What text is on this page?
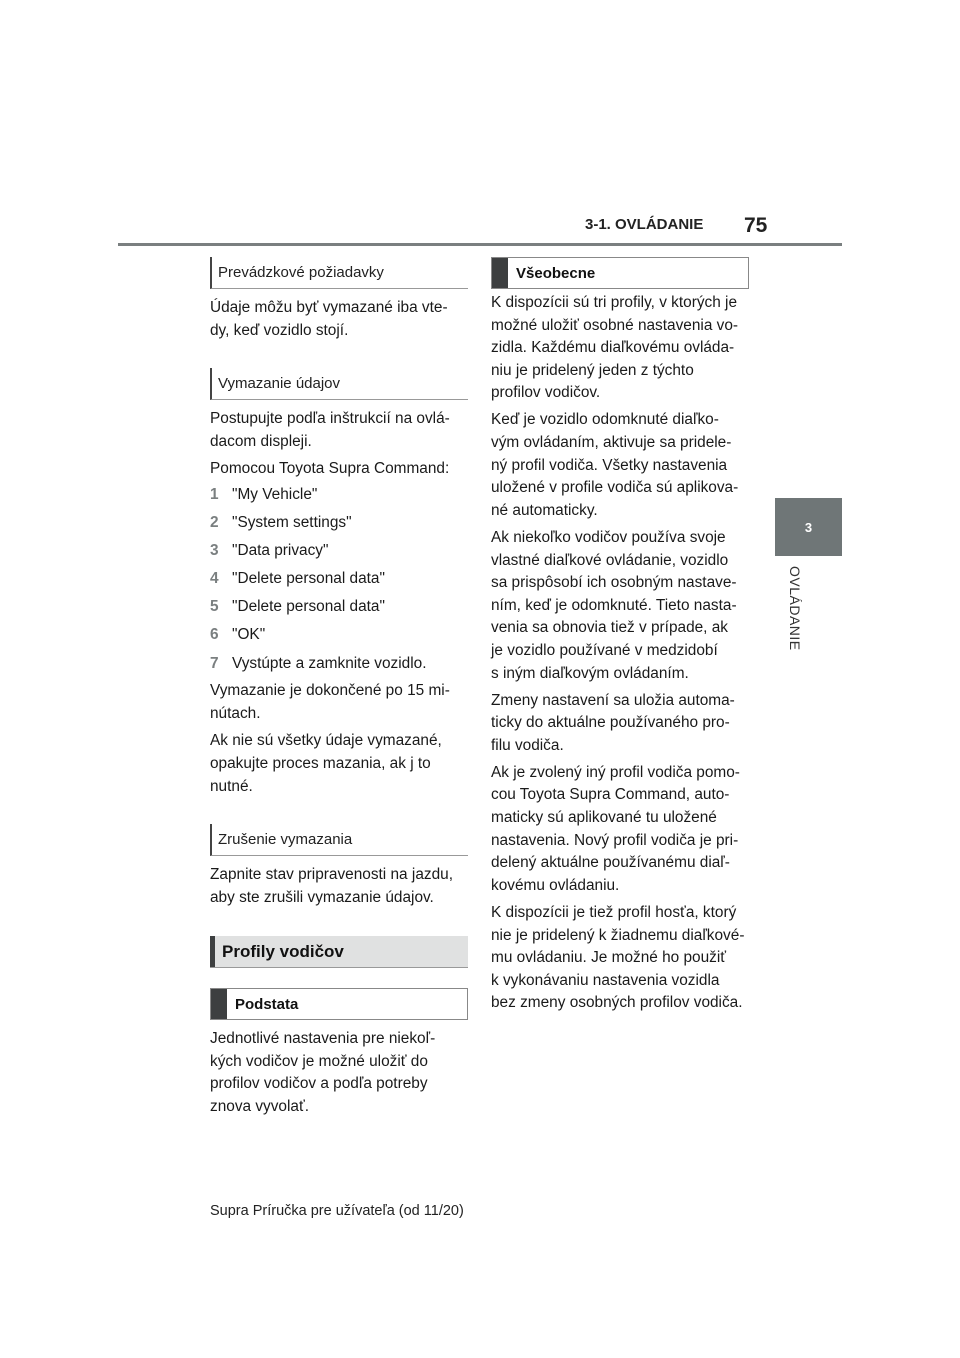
3-1. OVLÁDANIE 75
3
OVLÁDANIE
Prevádzkové požiadavky

Údaje môžu byť vymazané iba vte-
dy, keď vozidlo stojí.

Vymazanie údajov

Postupujte podľa inštrukcií na ovlá-
dacom displeji.

Pomocou Toyota Supra Command:

1 "My Vehicle"
2 "System settings"
3 "Data privacy"
4 "Delete personal data"
5 "Delete personal data"
6 "OK"
7 Vystúpte a zamknite vozidlo.

Vymazanie je dokončené po 15 mi-
nútach.

Ak nie sú všetky údaje vymazané,
opakujte proces mazania, ak j to
nutné.

Zrušenie vymazania

Zapnite stav pripravenosti na jazdu,
aby ste zrušili vymazanie údajov.

Profily vodičov
Podstata

Jednotlivé nastavenia pre niekoľ-
kých vodičov je možné uložiť do
profilov vodičov a podľa potreby
znova vyvolať.

Všeobecne

K dispozícii sú tri profily, v ktorých je
možné uložiť osobné nastavenia vo-
zidla. Každému diaľkovému ovláda-
niu je pridelený jeden z týchto
profilov vodičov.

Keď je vozidlo odomknuté diaľko-
vým ovládaním, aktivuje sa pridele-
ný profil vodiča. Všetky nastavenia
uložené v profile vodiča sú aplikova-
né automaticky.

Ak niekoľko vodičov používa svoje
vlastné diaľkové ovládanie, vozidlo
sa prispôsobí ich osobným nastave-
ním, keď je odomknuté. Tieto nasta-
venia sa obnovia tiež v prípade, ak
je vozidlo používané v medzidobí
s iným diaľkovým ovládaním.

Zmeny nastavení sa uložia automa-
ticky do aktuálne používaného pro-
filu vodiča.

Ak je zvolený iný profil vodiča pomo-
cou Toyota Supra Command, auto-
maticky sú aplikované tu uložené
nastavenia. Nový profil vodiča je pri-
delený aktuálne používanému diaľ-
kovému ovládaniu.

K dispozícii je tiež profil hosťa, ktorý
nie je pridelený k žiadnemu diaľkové-
mu ovládaniu. Je možné ho použiť
k vykonávaniu nastavenia vozidla
bez zmeny osobných profilov vodiča.

Supra Príručka pre užívateľa (od 11/20)
